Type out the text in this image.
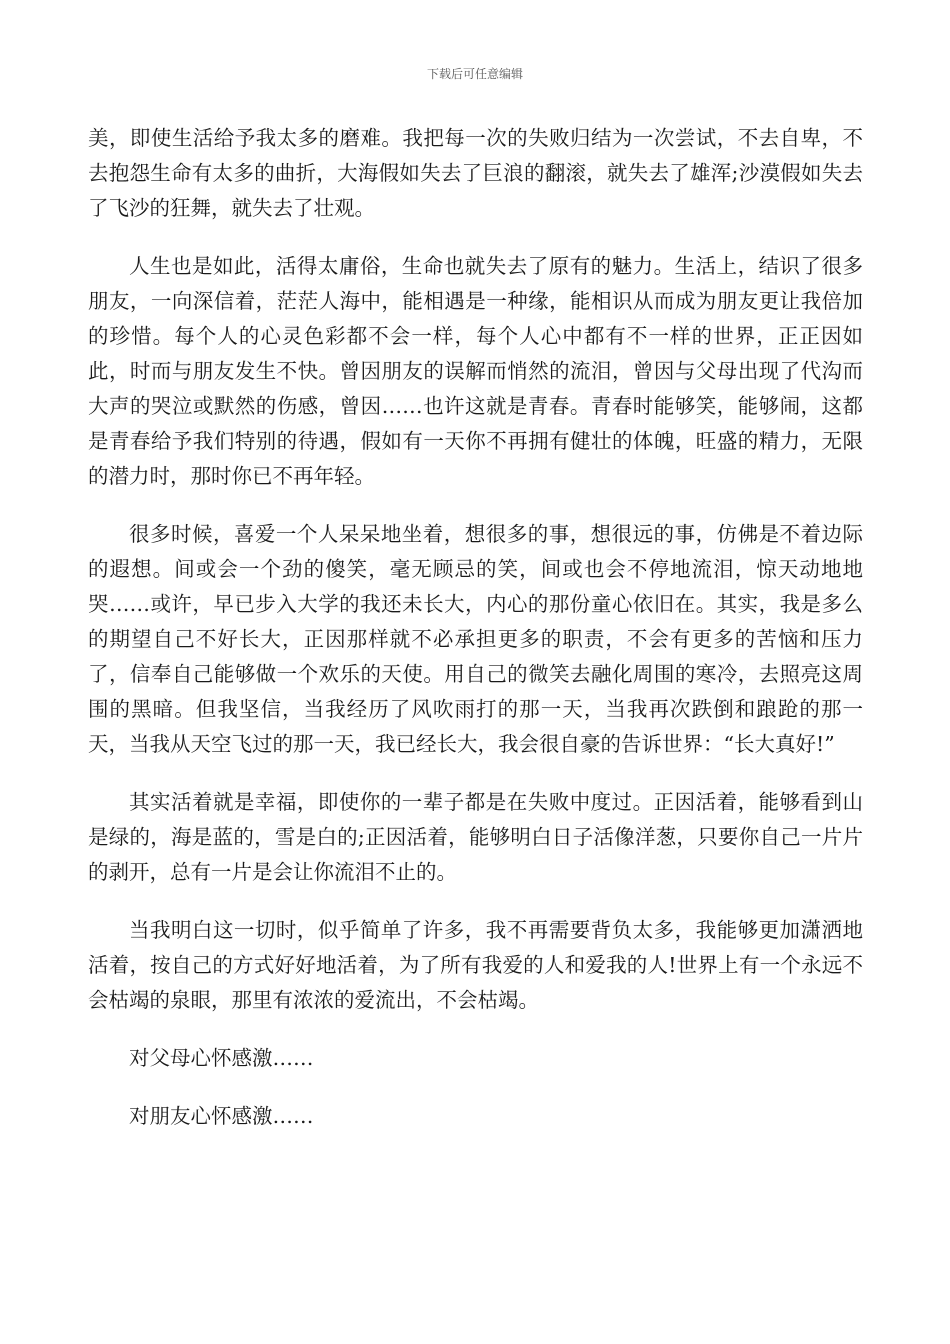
下载后可任意编辑

美，即使生活给予我太多的磨难。我把每一次的失败归结为一次尝试，不去自卑，不去抱怨生命有太多的曲折，大海假如失去了巨浪的翻滚，就失去了雄浑;沙漠假如失去了飞沙的狂舞，就失去了壮观。

人生也是如此，活得太庸俗，生命也就失去了原有的魅力。生活上，结识了很多朋友，一向深信着，茫茫人海中，能相遇是一种缘，能相识从而成为朋友更让我倍加的珍惜。每个人的心灵色彩都不会一样，每个人心中都有不一样的世界，正正因如此，时而与朋友发生不快。曾因朋友的误解而悄然的流泪，曾因与父母出现了代沟而大声的哭泣或默然的伤感，曾因……也许这就是青春。青春时能够笑，能够闹，这都是青春给予我们特别的待遇，假如有一天你不再拥有健壮的体魄，旺盛的精力，无限的潜力时，那时你已不再年轻。

很多时候，喜爱一个人呆呆地坐着，想很多的事，想很远的事，仿佛是不着边际的遐想。间或会一个劲的傻笑，毫无顾忌的笑，间或也会不停地流泪，惊天动地地哭……或许，早已步入大学的我还未长大，内心的那份童心依旧在。其实，我是多么的期望自己不好长大，正因那样就不必承担更多的职责，不会有更多的苦恼和压力了，信奉自己能够做一个欢乐的天使。用自己的微笑去融化周围的寒冷，去照亮这周围的黑暗。但我坚信，当我经历了风吹雨打的那一天，当我再次跌倒和踉跄的那一天，当我从天空飞过的那一天，我已经长大，我会很自豪的告诉世界：“长大真好!”

其实活着就是幸福，即使你的一辈子都是在失败中度过。正因活着，能够看到山是绿的，海是蓝的，雪是白的;正因活着，能够明白日子活像洋葱，只要你自己一片片的剥开，总有一片是会让你流泪不止的。

当我明白这一切时，似乎简单了许多，我不再需要背负太多，我能够更加潇洒地活着，按自己的方式好好地活着，为了所有我爱的人和爱我的人!世界上有一个永远不会枯竭的泉眼，那里有浓浓的爱流出，不会枯竭。

对父母心怀感激……

对朋友心怀感激……
